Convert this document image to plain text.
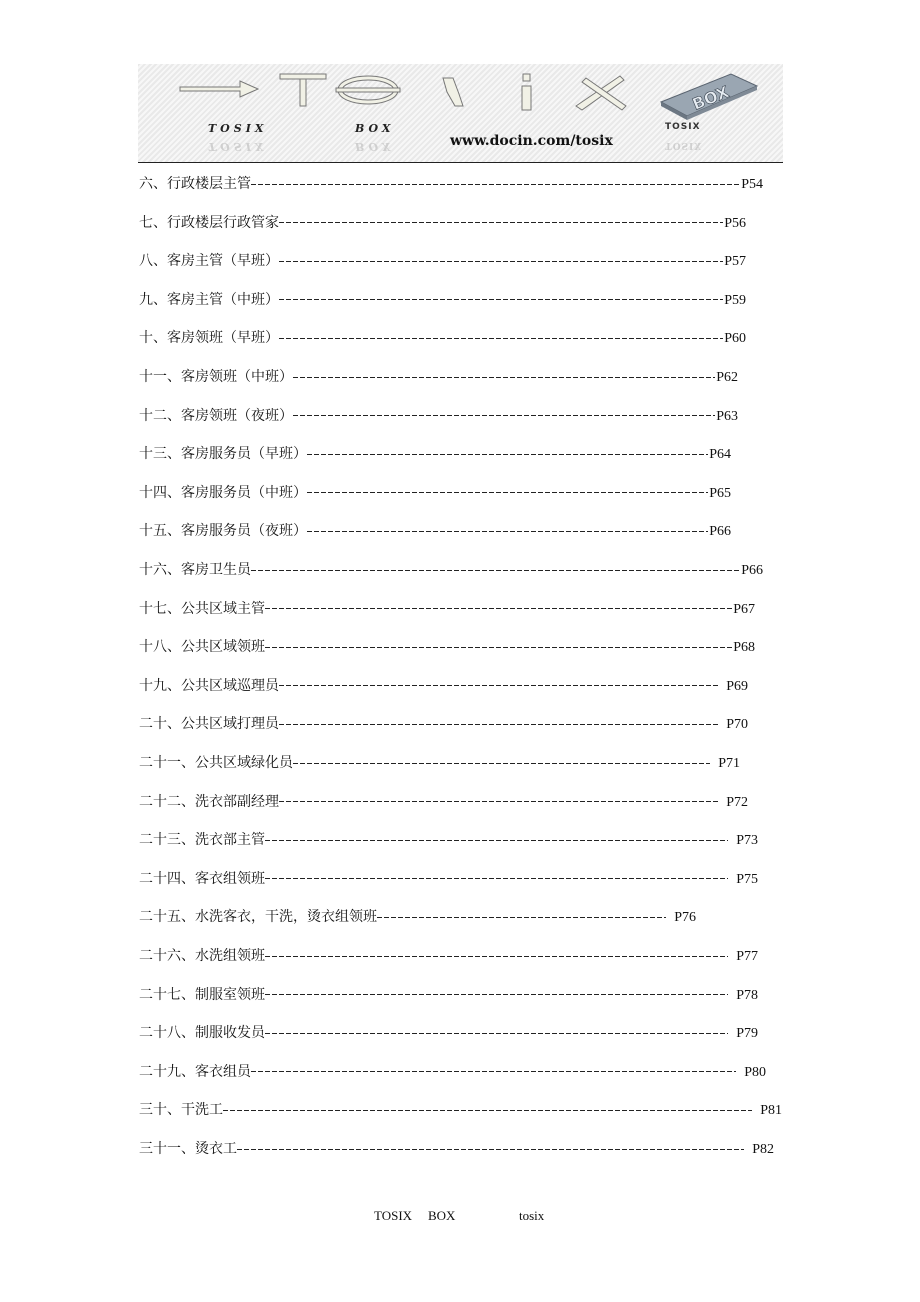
BOX
TOSIX
TOSIX
TOSIX
BOX
BOX	TOSIX
www.docin.com/tosix
六、行政楼层主管	P54
七、行政楼层行政管家	P56
八、客房主管（早班）	P57
九、客房主管（中班）	P59
十、客房领班（早班）	P60
十一、客房领班（中班）	P62
十二、客房领班（夜班）	P63
十三、客房服务员（早班）	P64
十四、客房服务员（中班）	P65
十五、客房服务员（夜班）	P66
十六、客房卫生员	P66
十七、公共区域主管	P67
十八、公共区域领班	P68
十九、公共区域巡理员	P69
二十、公共区域打理员	P70
二十一、公共区域绿化员	P71
二十二、洗衣部副经理	P72
二十三、洗衣部主管	P73
二十四、客衣组领班	P75
二十五、水洗客衣，干洗，烫衣组领班	P76
二十六、水洗组领班	P77
二十七、制服室领班	P78
二十八、制服收发员	P79
二十九、客衣组员	P80
三十、干洗工	P81
三十一、烫衣工	P82
TOSIX BOX	tosix
